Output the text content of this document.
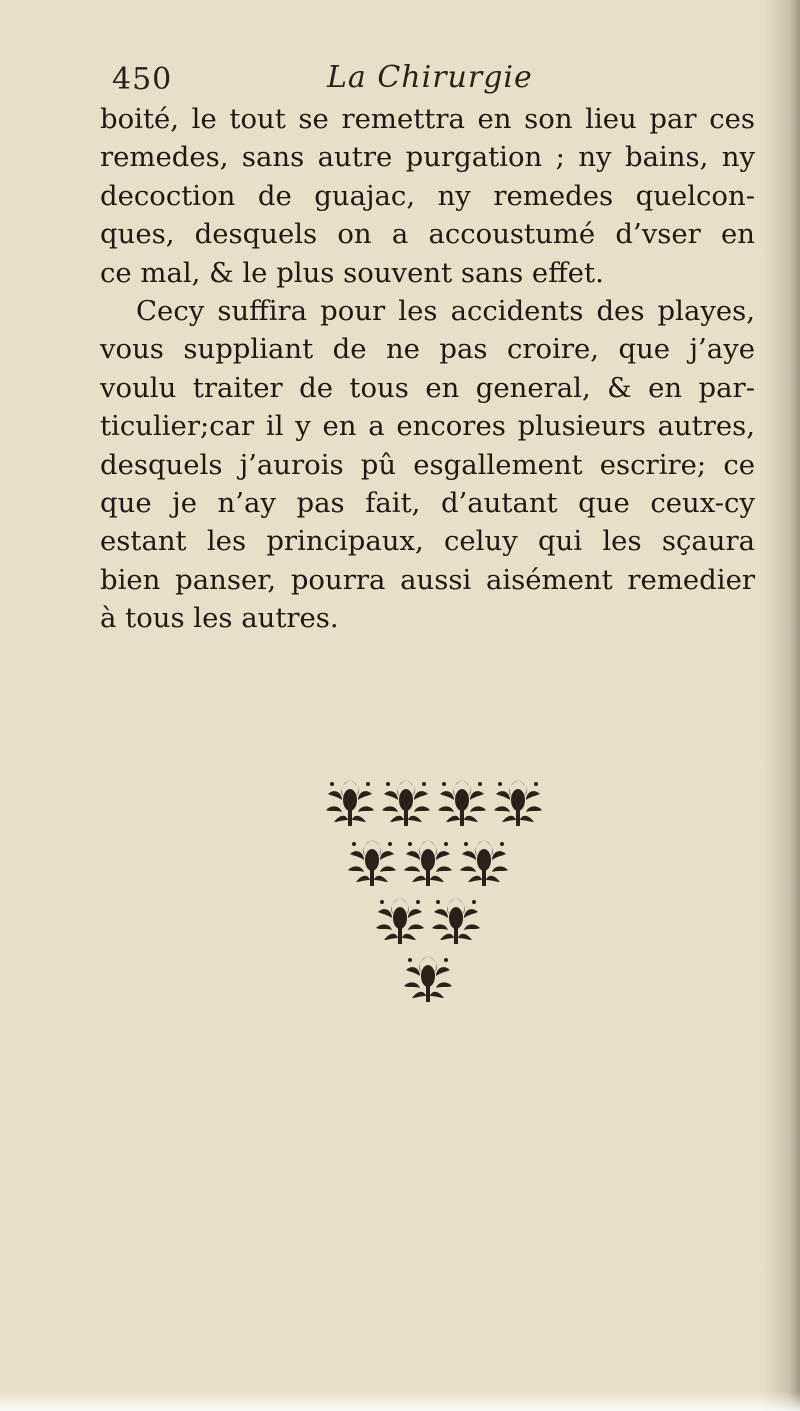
450	La Chirurgie
boité, le tout se remettra en son lieu par ces
remedes, sans autre purgation ; ny bains, ny
decoction de guajac, ny remedes quelcon-
ques, desquels on a accoustumé d’vser en
ce mal, & le plus souvent sans effet.
Cecy suffira pour les accidents des playes,
vous suppliant de ne pas croire, que j’aye
voulu traiter de tous en general, & en par-
ticulier;car il y en a encores plusieurs autres,
desquels j’aurois pû esgallement escrire; ce
que je n’ay pas fait, d’autant que ceux-cy
estant les principaux, celuy qui les sçaura
bien panser, pourra aussi aisément remedier
à tous les autres.
